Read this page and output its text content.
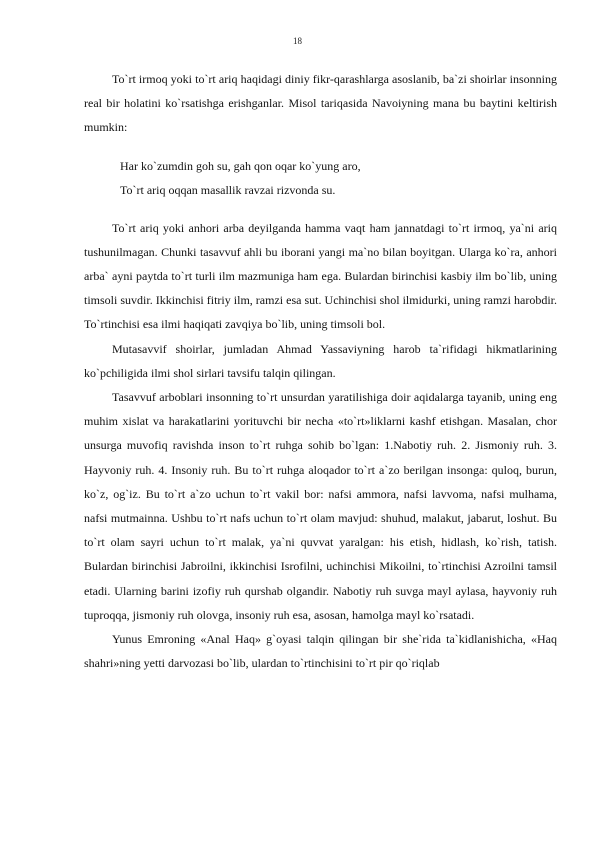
18

To`rt irmoq yoki to`rt ariq haqidagi diniy fikr-qarashlarga asoslanib, ba`zi shoirlar insonning real bir holatini ko`rsatishga erishganlar. Misol tariqasida Navoiyning mana bu baytini keltirish mumkin:

Har ko`zumdin goh su, gah qon oqar ko`yung aro,

To`rt ariq oqqan masallik ravzai rizvonda su.

To`rt ariq yoki anhori arba deyilganda hamma vaqt ham jannatdagi to`rt irmoq, ya`ni ariq tushunilmagan. Chunki tasavvuf ahli bu iborani yangi ma`no bilan boyitgan. Ularga ko`ra, anhori arba` ayni paytda to`rt turli ilm mazmuniga ham ega. Bulardan birinchisi kasbiy ilm bo`lib, uning timsoli suvdir. Ikkinchisi fitriy ilm, ramzi esa sut. Uchinchisi shol ilmidurki, uning ramzi harobdir. To`rtinchisi esa ilmi haqiqati zavqiya bo`lib, uning timsoli bol.

Mutasavvif shoirlar, jumladan Ahmad Yassaviyning harob ta`rifidagi hikmatlarining ko`pchiligida ilmi shol sirlari tavsifu talqin qilingan.

Tasavvuf arboblari insonning to`rt unsurdan yaratilishiga doir aqidalarga tayanib, uning eng muhim xislat va harakatlarini yorituvchi bir necha «to`rt»liklarni kashf etishgan. Masalan, chor unsurga muvofiq ravishda inson to`rt ruhga sohib bo`lgan: 1.Nabotiy ruh. 2. Jismoniy ruh. 3. Hayvoniy ruh. 4. Insoniy ruh. Bu to`rt ruhga aloqador to`rt a`zo berilgan insonga: quloq, burun, ko`z, og`iz. Bu to`rt a`zo uchun to`rt vakil bor: nafsi ammora, nafsi lavvoma, nafsi mulhama, nafsi mutmainna. Ushbu to`rt nafs uchun to`rt olam mavjud: shuhud, malakut, jabarut, loshut. Bu to`rt olam sayri uchun to`rt malak, ya`ni quvvat yaralgan: his etish, hidlash, ko`rish, tatish. Bulardan birinchisi Jabroilni, ikkinchisi Isrofilni, uchinchisi Mikoilni, to`rtinchisi Azroilni tamsil etadi. Ularning barini izofiy ruh qurshab olgandir. Nabotiy ruh suvga mayl aylasa, hayvoniy ruh tuproqqa, jismoniy ruh olovga, insoniy ruh esa, asosan, hamolga mayl ko`rsatadi.

Yunus Emroning «Anal Haq» g`oyasi talqin qilingan bir she`rida ta`kidlanishicha, «Haq shahri»ning yetti darvozasi bo`lib, ulardan to`rtinchisini to`rt pir qo`riqlab
